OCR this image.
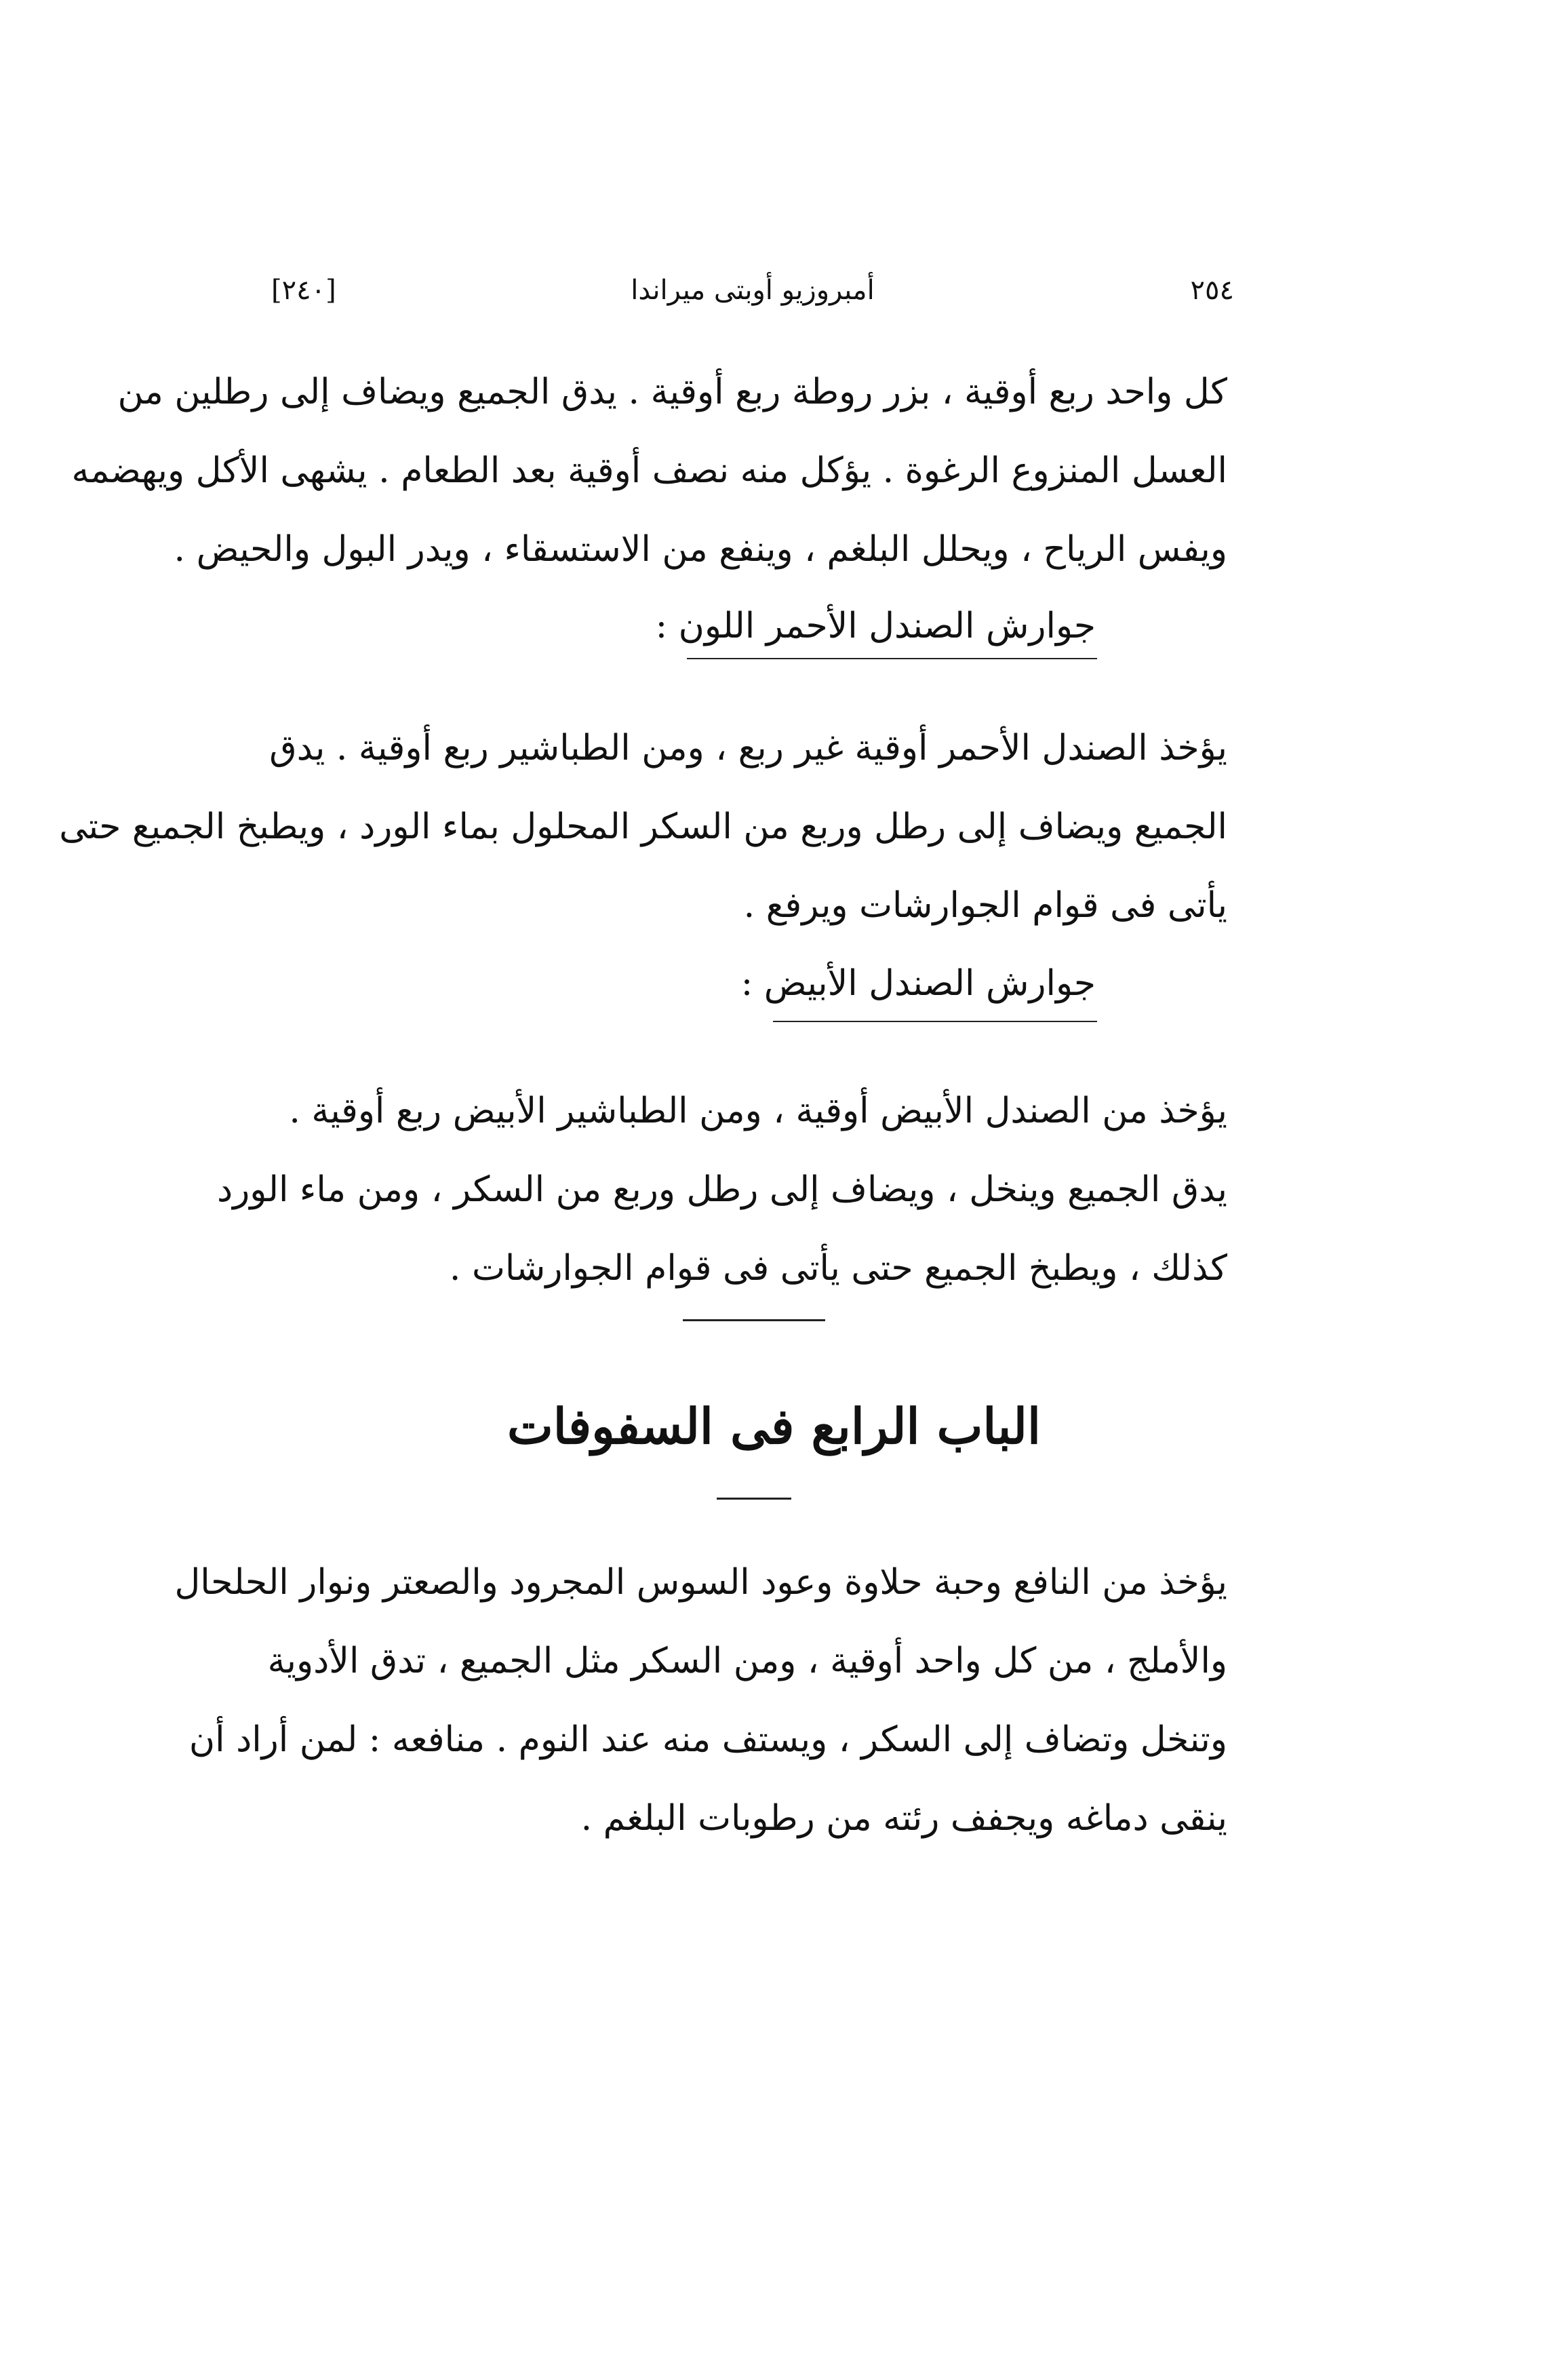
٢٥٤
أمبروزيو أوبتى ميراندا
[٢٤٠]
كل واحد ربع أوقية ، بزر روطة ربع أوقية . يدق الجميع ويضاف إلى رطلين من
العسل المنزوع الرغوة . يؤكل منه نصف أوقية بعد الطعام . يشهى الأكل ويهضمه
ويفس الرياح ، ويحلل البلغم ، وينفع من الاستسقاء ، ويدر البول والحيض .
جوارش الصندل الأحمر اللون :
يؤخذ الصندل الأحمر أوقية غير ربع ، ومن الطباشير ربع أوقية . يدق
الجميع ويضاف إلى رطل وربع من السكر المحلول بماء الورد ، ويطبخ الجميع حتى
يأتى فى قوام الجوارشات ويرفع .
جوارش الصندل الأبيض :
يؤخذ من الصندل الأبيض أوقية ، ومن الطباشير الأبيض ربع أوقية .
يدق الجميع وينخل ، ويضاف إلى رطل وربع من السكر ، ومن ماء الورد
كذلك ، ويطبخ الجميع حتى يأتى فى قوام الجوارشات .
الباب الرابع فى السفوفات
يؤخذ من النافع وحبة حلاوة وعود السوس المجرود والصعتر ونوار الحلحال
والأملج ، من كل واحد أوقية ، ومن السكر مثل الجميع ، تدق الأدوية
وتنخل وتضاف إلى السكر ، ويستف منه عند النوم . منافعه : لمن أراد أن
ينقى دماغه ويجفف رئته من رطوبات البلغم .
